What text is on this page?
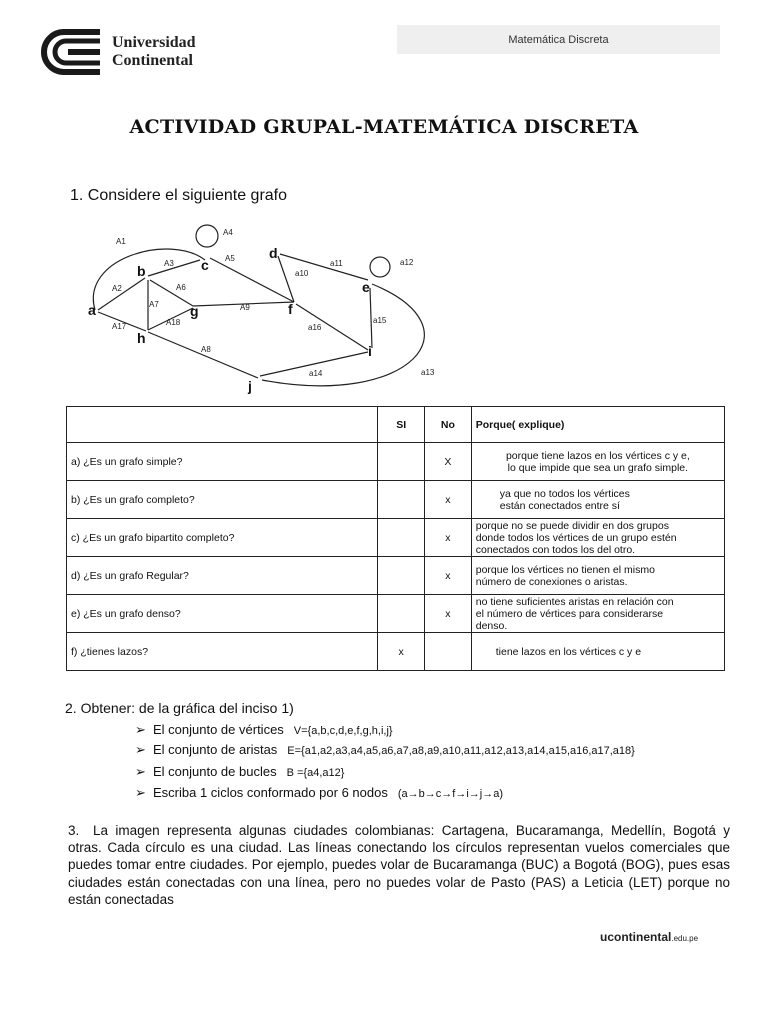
Universidad
Continental
Matemática Discreta
ACTIVIDAD GRUPAL-MATEMÁTICA DISCRETA
1. Considere el siguiente grafo
A1
A4
A3
A5
A2	A6
A7
A18
A17
A9
A8
a10
a11	a12
a13
a14
a15
a16
b	c
d
e
a	g	f
h
i
j
	SI	No	Porque( explique)
a) ¿Es un grafo simple?		X	porque tiene lazos en los vértices c y e,
lo que impide que sea un grafo simple.

b) ¿Es un grafo completo?		x	ya que no todos los vértices
están conectados entre sí

c) ¿Es un grafo bipartito completo?		x	porque no se puede dividir en dos grupos
donde todos los vértices de un grupo estén
conectados con todos los del otro.

d) ¿Es un grafo Regular?		x	porque los vértices no tienen el mismo
número de conexiones o aristas.

e) ¿Es un grafo denso?		x	no tiene suficientes aristas en relación con
el número de vértices para considerarse
denso.

f) ¿tienes lazos?	x		tiene lazos en los vértices c y e
2. Obtener: de la gráfica del inciso 1)
➢ El conjunto de vértices V={a,b,c,d,e,f,g,h,i,j}
➢ El conjunto de aristas E={a1,a2,a3,a4,a5,a6,a7,a8,a9,a10,a11,a12,a13,a14,a15,a16,a17,a18}
➢ El conjunto de bucles B ={a4,a12}
➢ Escriba 1 ciclos conformado por 6 nodos (a→b→c→f→i→j→a)
3. La imagen representa algunas ciudades colombianas: Cartagena, Bucaramanga, Medellín, Bogotá y otras. Cada círculo es una ciudad. Las líneas conectando los círculos representan vuelos comerciales que puedes tomar entre ciudades. Por ejemplo, puedes volar de Bucaramanga (BUC) a Bogotá (BOG), pues esas ciudades están conectadas con una línea, pero no puedes volar de Pasto (PAS) a Leticia (LET) porque no están conectadas
ucontinental.edu.pe
